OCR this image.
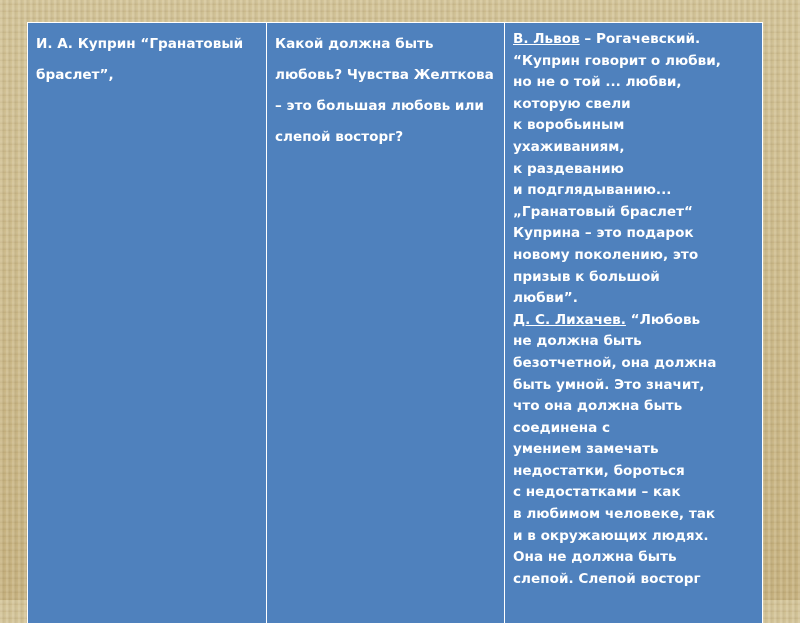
И. А. Куприн “Гранатовый браслет”,
Какой должна быть любовь? Чувства Желткова – это большая любовь или слепой восторг?
В. Львов – Рогачевский.
“Куприн говорит о любви,
но не о той ... любви,
которую свели
к воробьиным
ухаживаниям,
к раздеванию
и подглядыванию...
„Гранатовый браслет“
Куприна – это подарок
новому поколению, это
призыв к большой
любви”.
Д. С. Лихачев. “Любовь
не должна быть
безотчетной, она должна
быть умной. Это значит,
что она должна быть
соединена с
умением замечать
недостатки, бороться
с недостатками – как
в любимом человеке, так
и в окружающих людях.
Она не должна быть
слепой. Слепой восторг
